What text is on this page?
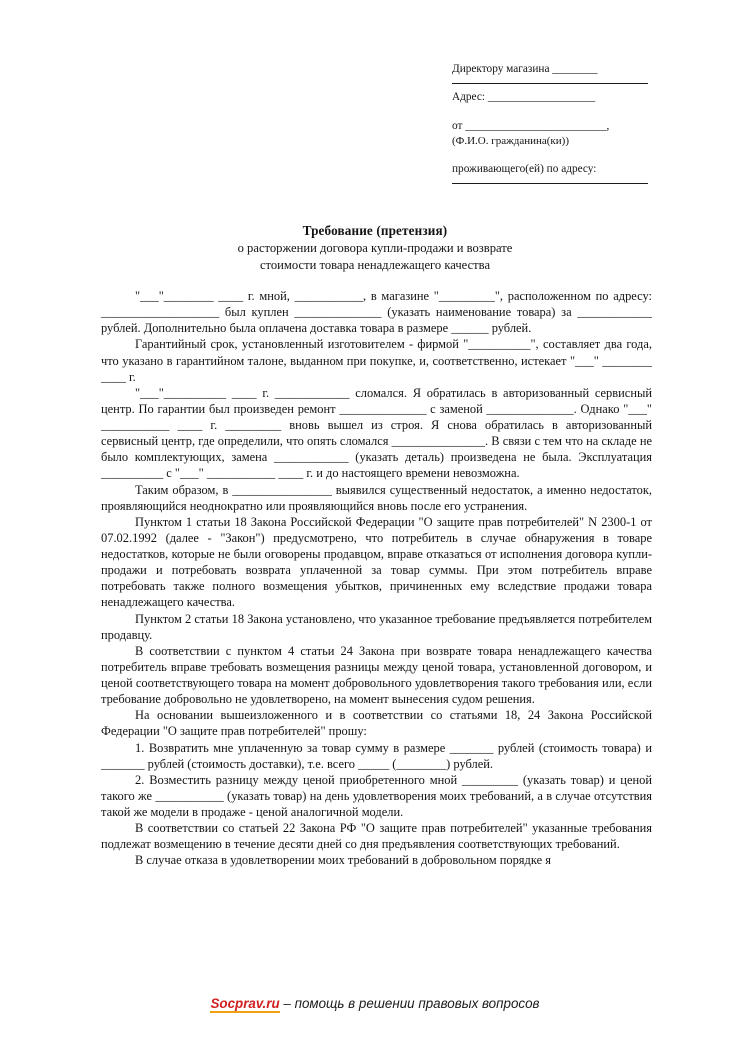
Директору магазина ________
Адрес: ___________________
от _________________________,
(Ф.И.О. гражданина(ки))
проживающего(ей) по адресу:
Требование (претензия)
о расторжении договора купли-продажи и возврате
стоимости товара ненадлежащего качества

"___"________ ____ г. мной, ___________, в магазине "_________", расположенном по адресу: ___________________ был куплен ______________ (указать наименование товара) за ____________ рублей. Дополнительно была оплачена доставка товара в размере ______ рублей.

Гарантийный срок, установленный изготовителем - фирмой "__________", составляет два года, что указано в гарантийном талоне, выданном при покупке, и, соответственно, истекает "___" ________ ____ г.

"___"__________ ____ г. ____________ сломался. Я обратилась в авторизованный сервисный центр. По гарантии был произведен ремонт ______________ с заменой ______________. Однако "___" ___________ ____ г. _________ вновь вышел из строя. Я снова обратилась в авторизованный сервисный центр, где определили, что опять сломался _______________. В связи с тем что на складе не было комплектующих, замена ____________ (указать деталь) произведена не была. Эксплуатация __________ с "___" ___________ ____ г. и до настоящего времени невозможна.

Таким образом, в ________________ выявился существенный недостаток, а именно недостаток, проявляющийся неоднократно или проявляющийся вновь после его устранения.

Пунктом 1 статьи 18 Закона Российской Федерации "О защите прав потребителей" N 2300-1 от 07.02.1992 (далее - "Закон") предусмотрено, что потребитель в случае обнаружения в товаре недостатков, которые не были оговорены продавцом, вправе отказаться от исполнения договора купли-продажи и потребовать возврата уплаченной за товар суммы. При этом потребитель вправе потребовать также полного возмещения убытков, причиненных ему вследствие продажи товара ненадлежащего качества.

Пунктом 2 статьи 18 Закона установлено, что указанное требование предъявляется потребителем продавцу.

В соответствии с пунктом 4 статьи 24 Закона при возврате товара ненадлежащего качества потребитель вправе требовать возмещения разницы между ценой товара, установленной договором, и ценой соответствующего товара на момент добровольного удовлетворения такого требования или, если требование добровольно не удовлетворено, на момент вынесения судом решения.

На основании вышеизложенного и в соответствии со статьями 18, 24 Закона Российской Федерации "О защите прав потребителей" прошу:

1. Возвратить мне уплаченную за товар сумму в размере _______ рублей (стоимость товара) и _______ рублей (стоимость доставки), т.е. всего _____ (________) рублей.

2. Возместить разницу между ценой приобретенного мной _________ (указать товар) и ценой такого же ___________ (указать товар) на день удовлетворения моих требований, а в случае отсутствия такой же модели в продаже - ценой аналогичной модели.

В соответствии со статьей 22 Закона РФ "О защите прав потребителей" указанные требования подлежат возмещению в течение десяти дней со дня предъявления соответствующих требований.

В случае отказа в удовлетворении моих требований в добровольном порядке я

Socprav.ru – помощь в решении правовых вопросов
